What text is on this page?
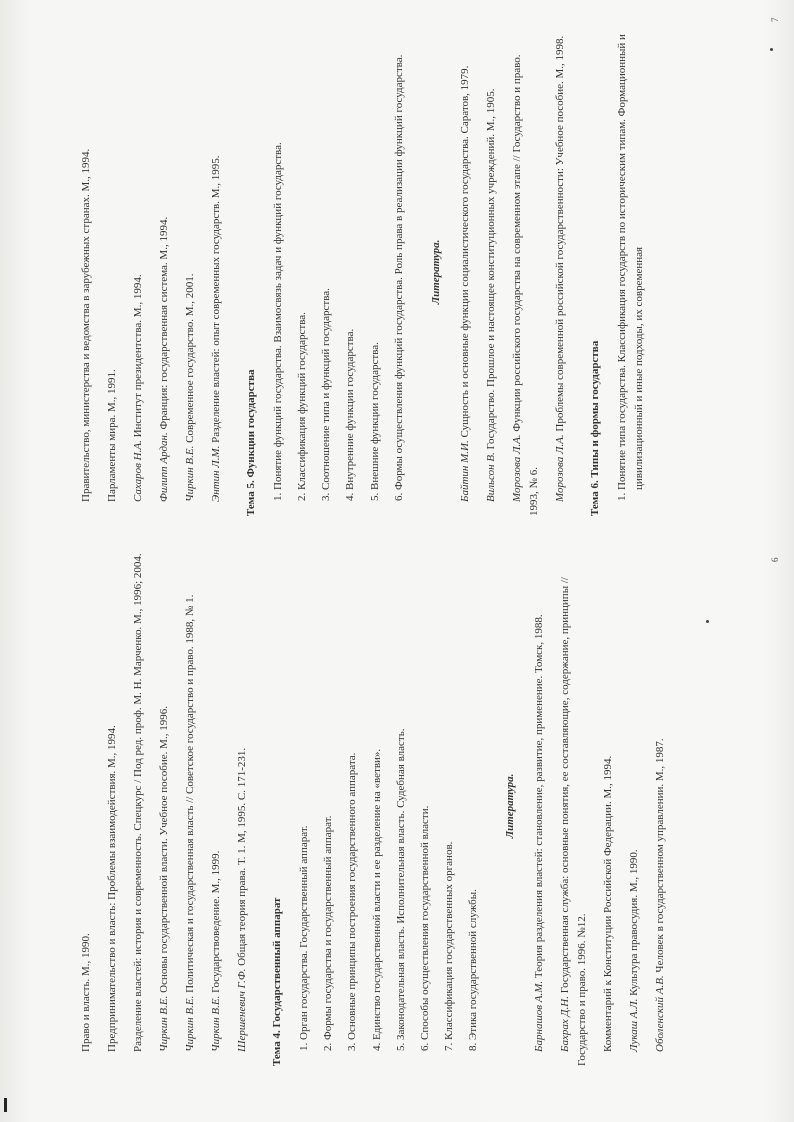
Право и власть. М., 1990. Предпринимательство и власть: Проблемы взаимодействия. М., 1994. Разделение властей: история и современность. Спецкурс / Под ред. проф. М. Н. Марченко. М., 1996; 2004. Чиркин В.Е. Основы государственной власти. Учебное пособие. М., 1996.

Чиркин В.Е. Политическая и государственная власть // Советское государство и право. 1988, № 1.

Чиркин В.Е. Государствоведение. М., 1999.

Шершеневич Г.Ф. Общая теория права. Т. 1. М, 1995. С. 171-231.

Тема 4. Государственный аппарат 1. Орган государства. Государственный аппарат. 2. Формы государства и государственный аппарат. 3. Основные принципы построения государственного аппарата. 4. Единство государственной власти и ее разделение на «ветви». 5. Законодательная власть. Исполнительная власть. Судебная власть. 6. Способы осуществления государственной власти. 7. Классификация государственных органов. 8. Этика государственной службы.
Литература.

Барнашов А.М. Теория разделения властей: становление, развитие, применение. Томск, 1988.

Бахрах Д.Н. Государственная служба: основные понятия, ее составляющие, содержание, принципы // Государство и право. 1996. №12. Комментарий к Конституции Российской Федерации. М., 1994. Лукаш А.Л. Культура правосудия. М., 1990.

Оболенский А.В. Человек в государственном управлении. М., 1987.

Правительство, министерства и ведомства в зарубежных странах. М., 1994. Парламенты мира. М., 1991. Сахаров Н.А. Институт президентства. М., 1994.

Филипп Ардан. Франция: государственная система. М., 1994.

Чиркин В.Е. Современное государство. М., 2001.

Энтин Л.М. Разделение властей: опыт современных государств. М., 1995. Тема 5. Функции государства 1. Понятие функций государства. Взаимосвязь задач и функций государства. 2. Классификация функций государства. 3. Соотношение типа и функций государства. 4. Внутренние функции государства. 5. Внешние функции государства. 6. Формы осуществления функций государства. Роль права в реализации функций государства. Литература.

Байтин М.И. Сущность и основные функции социалистического государства. Саратов, 1979.

Вильсон В. Государство. Прошлое и настоящее конституционных учреждений. М., 1905.

Морозова Л.А. Функции российского государства на современном этапе // Государство и право. 1993, № 6. Морозова Л.А. Проблемы современной российской государственности: Учебное пособие. М., 1998. Тема 6. Типы и формы государства 1. Понятие типа государства. Классификация государств по историческим типам. Формационный и цивилизационный и иные подходы, их современная
6
7
